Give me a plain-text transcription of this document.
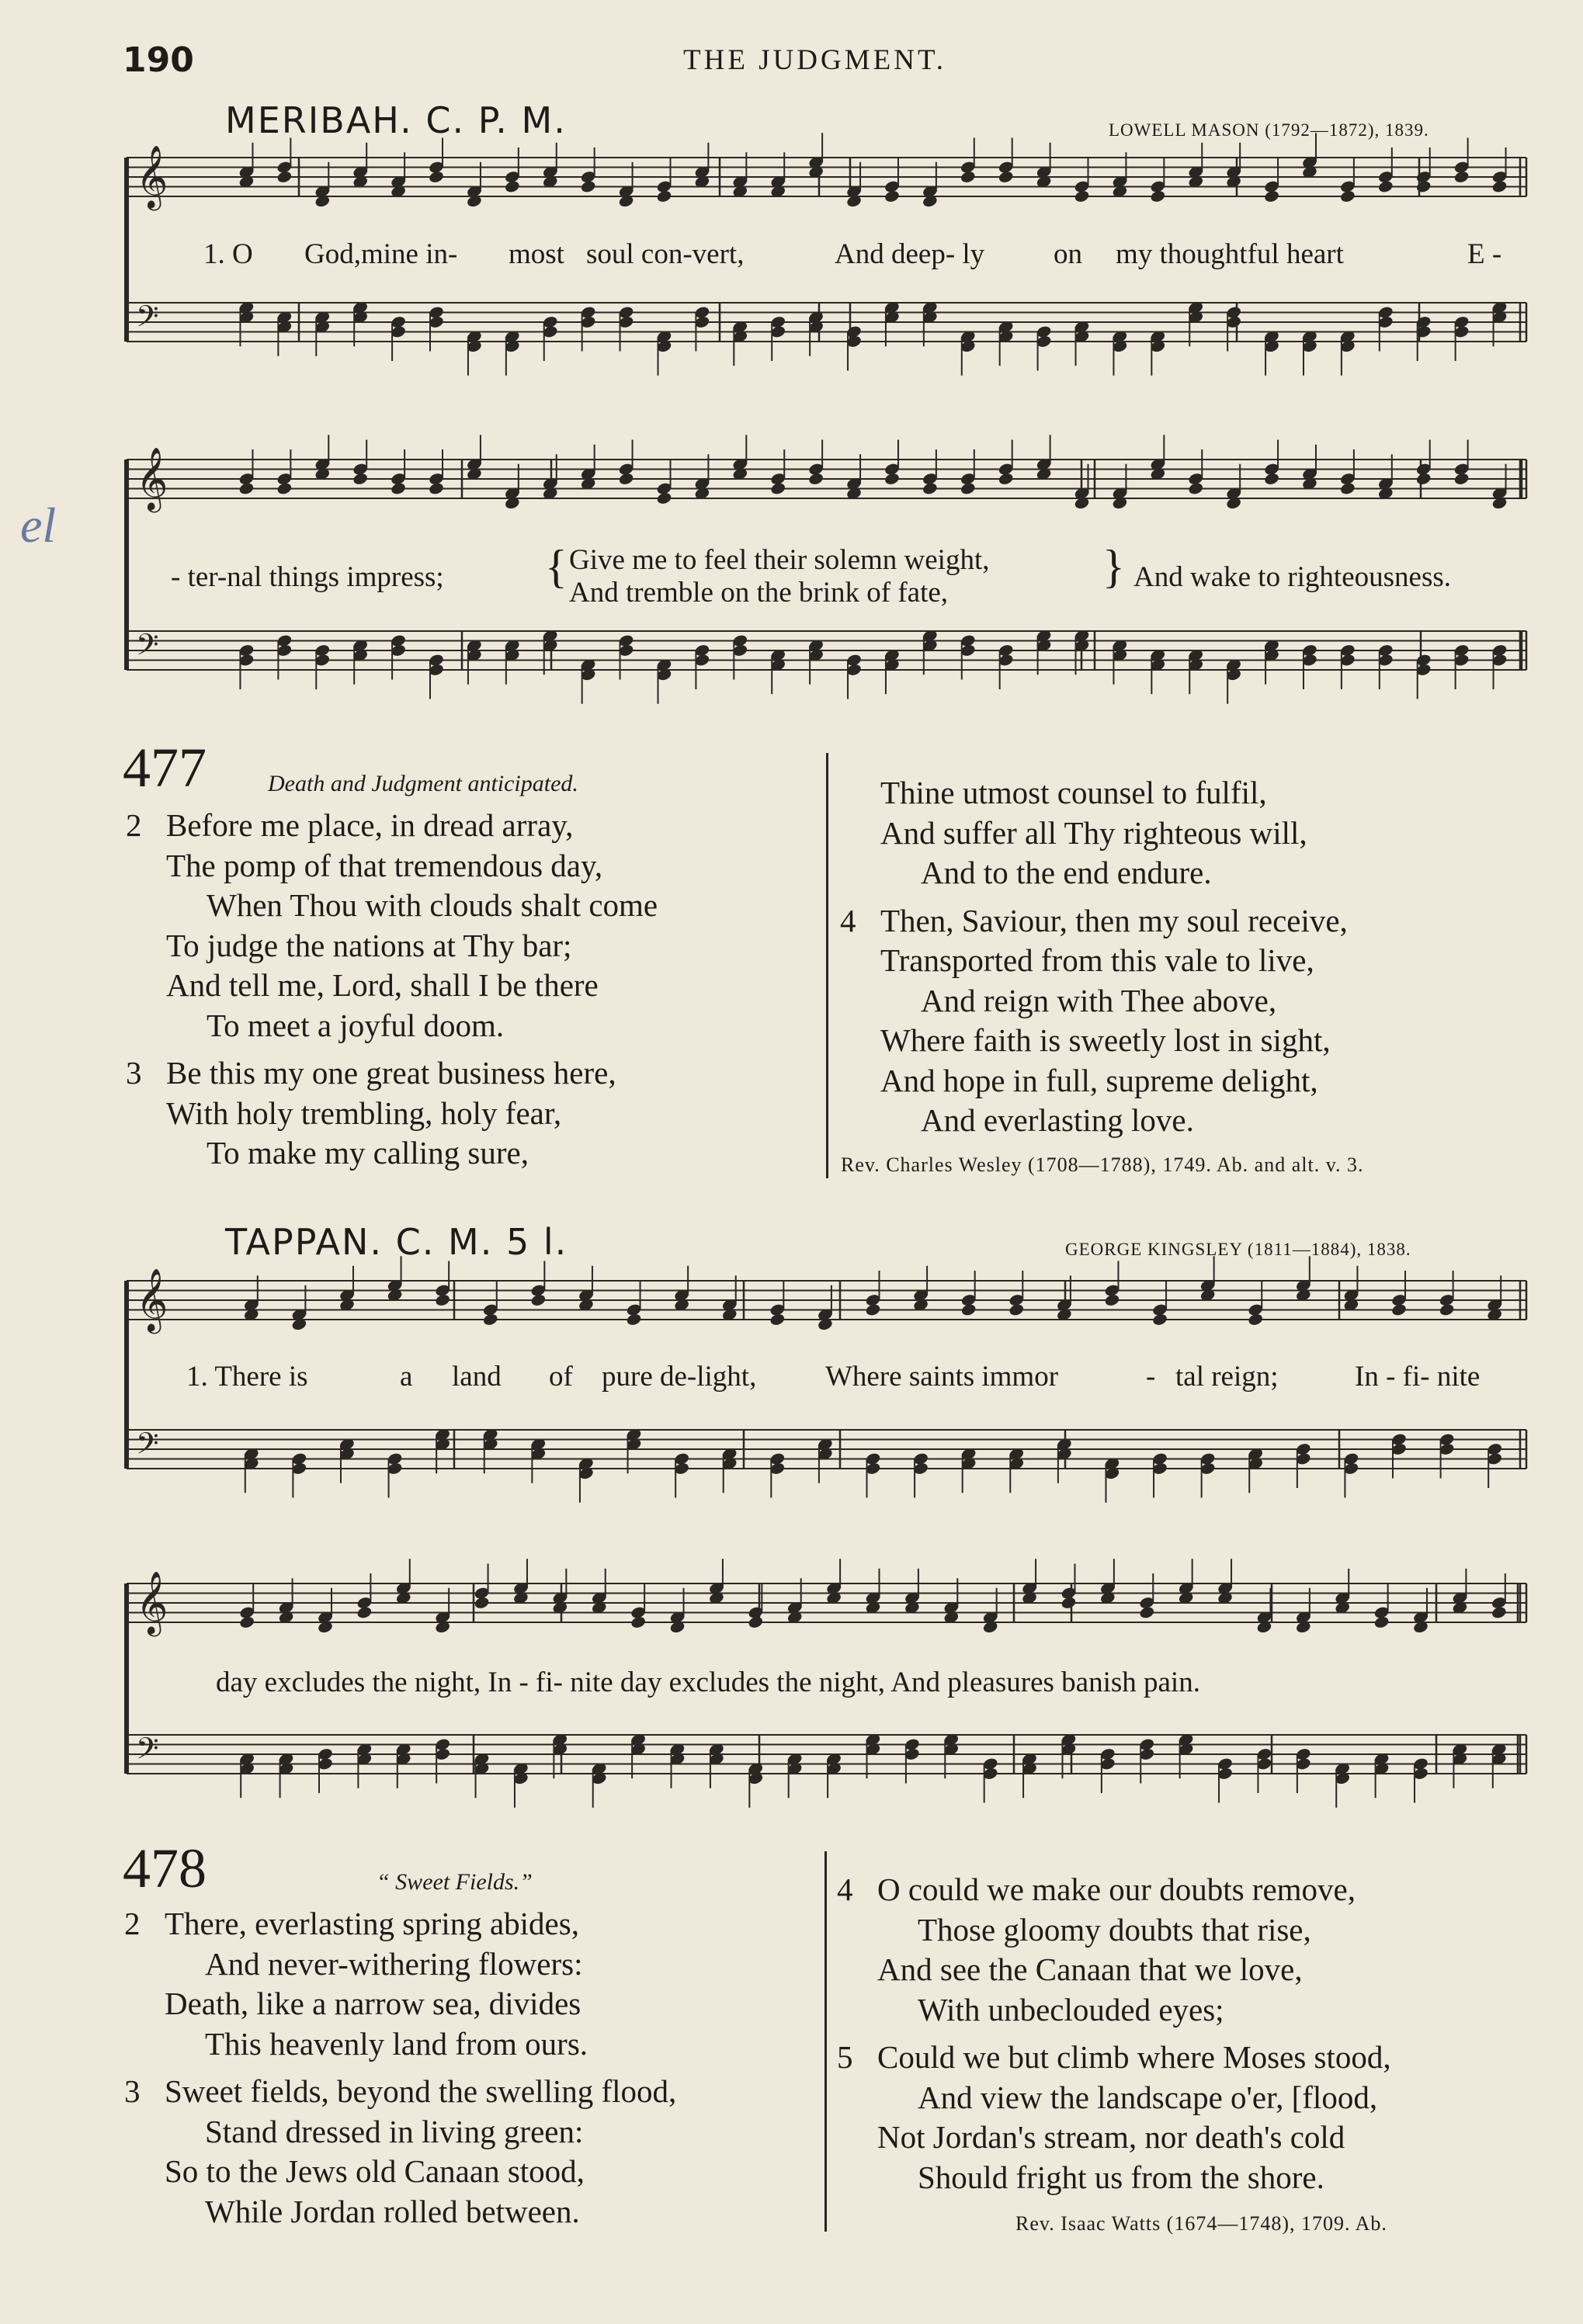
190	THE JUDGMENT.
MERIBAH. C. P. M.	LOWELL MASON (1792—1872), 1839.
𝄞
𝄢
𝄞
𝄢
𝄞
𝄢
𝄞
𝄢
1. O God,mine in- most soul con-vert,	And deep- ly on my thoughtful heart	E -
- ter-nal things impress; { Give me to feel their solemn weight,
And tremble on the brink of fate,
} And wake to righteousness.
477	Death and Judgment anticipated.
2 Before me place, in dread array,
The pomp of that tremendous day,
When Thou with clouds shalt come
To judge the nations at Thy bar;
And tell me, Lord, shall I be there
To meet a joyful doom.
3 Be this my one great business here,
With holy trembling, holy fear,
To make my calling sure,
Thine utmost counsel to fulfil,
And suffer all Thy righteous will,
And to the end endure.
4 Then, Saviour, then my soul receive,
Transported from this vale to live,
And reign with Thee above,
Where faith is sweetly lost in sight,
And hope in full, supreme delight,
And everlasting love.
Rev. Charles Wesley (1708—1788), 1749. Ab. and alt. v. 3.
TAPPAN. C. M. 5 l.	GEORGE KINGSLEY (1811—1884), 1838.
1. There is	a land of pure de-light, Where saints immor	- tal reign;	In - fi- nite
day excludes the night, In - fi- nite day excludes the night, And pleasures banish pain.
478	“ Sweet Fields.”
2 There, everlasting spring abides,
And never-withering flowers:
Death, like a narrow sea, divides
This heavenly land from ours.
3 Sweet fields, beyond the swelling flood,
Stand dressed in living green:
So to the Jews old Canaan stood,
While Jordan rolled between.
4 O could we make our doubts remove,
Those gloomy doubts that rise,
And see the Canaan that we love,
With unbeclouded eyes;
5 Could we but climb where Moses stood,
And view the landscape o'er, [flood,
Not Jordan's stream, nor death's cold
Should fright us from the shore.
Rev. Isaac Watts (1674—1748), 1709. Ab.
el
